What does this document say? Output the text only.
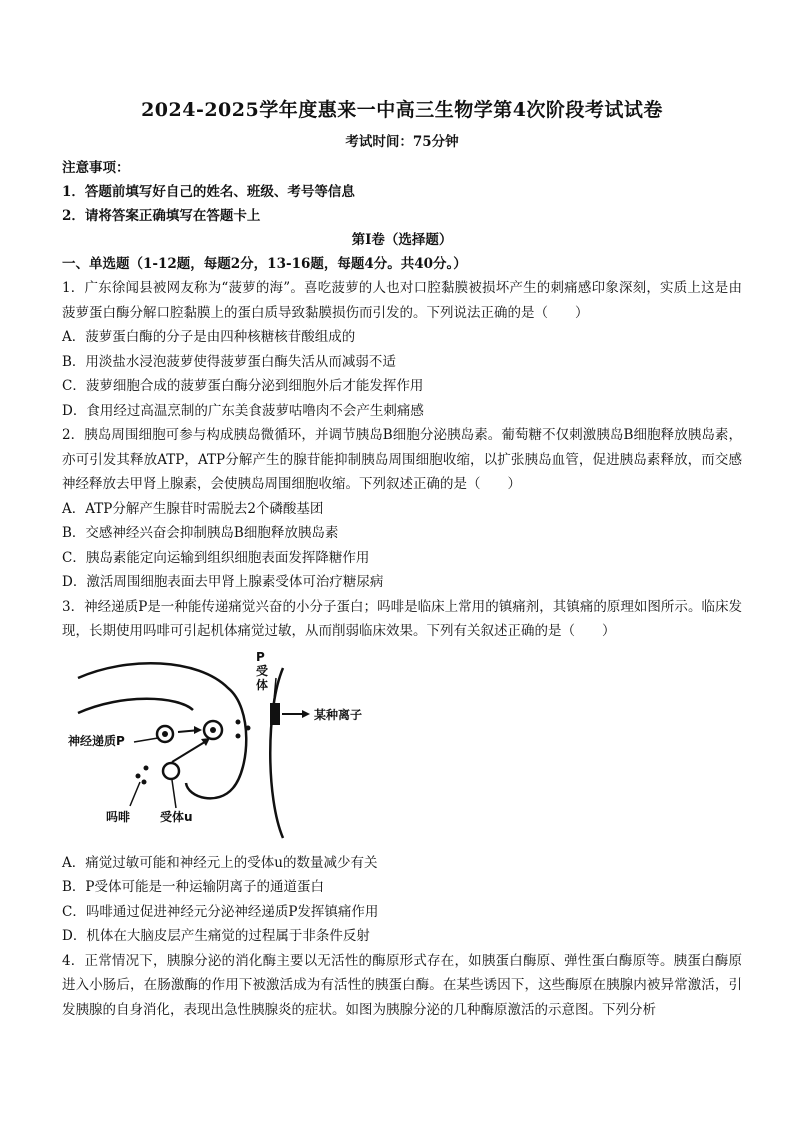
2024-2025学年度惠来一中高三生物学第4次阶段考试试卷
考试时间：75分钟
注意事项：
1．答题前填写好自己的姓名、班级、考号等信息
2．请将答案正确填写在答题卡上
第Ⅰ卷（选择题）
一、单选题（1-12题，每题2分，13-16题，每题4分。共40分。）
1．广东徐闻县被网友称为“菠萝的海”。喜吃菠萝的人也对口腔黏膜被损坏产生的刺痛感印象深刻，实质上这是由菠萝蛋白酶分解口腔黏膜上的蛋白质导致黏膜损伤而引发的。下列说法正确的是（　　）
A．菠萝蛋白酶的分子是由四种核糖核苷酸组成的
B．用淡盐水浸泡菠萝使得菠萝蛋白酶失活从而减弱不适
C．菠萝细胞合成的菠萝蛋白酶分泌到细胞外后才能发挥作用
D．食用经过高温烹制的广东美食菠萝咕噜肉不会产生刺痛感
2．胰岛周围细胞可参与构成胰岛微循环，并调节胰岛B细胞分泌胰岛素。葡萄糖不仅刺激胰岛B细胞释放胰岛素，亦可引发其释放ATP，ATP分解产生的腺苷能抑制胰岛周围细胞收缩，以扩张胰岛血管，促进胰岛素释放，而交感神经释放去甲肾上腺素，会使胰岛周围细胞收缩。下列叙述正确的是（　　）
A．ATP分解产生腺苷时需脱去2个磷酸基团
B．交感神经兴奋会抑制胰岛B细胞释放胰岛素
C．胰岛素能定向运输到组织细胞表面发挥降糖作用
D．激活周围细胞表面去甲肾上腺素受体可治疗糖尿病
3．神经递质P是一种能传递痛觉兴奋的小分子蛋白；吗啡是临床上常用的镇痛剂，其镇痛的原理如图所示。临床发现，长期使用吗啡可引起机体痛觉过敏，从而削弱临床效果。下列有关叙述正确的是（　　）
P受体
某种离子
神经递质P
吗啡 受体u
A．痛觉过敏可能和神经元上的受体u的数量减少有关
B．P受体可能是一种运输阴离子的通道蛋白
C．吗啡通过促进神经元分泌神经递质P发挥镇痛作用
D．机体在大脑皮层产生痛觉的过程属于非条件反射
4．正常情况下，胰腺分泌的消化酶主要以无活性的酶原形式存在，如胰蛋白酶原、弹性蛋白酶原等。胰蛋白酶原进入小肠后，在肠激酶的作用下被激活成为有活性的胰蛋白酶。在某些诱因下，这些酶原在胰腺内被异常激活，引发胰腺的自身消化，表现出急性胰腺炎的症状。如图为胰腺分泌的几种酶原激活的示意图。下列分析
